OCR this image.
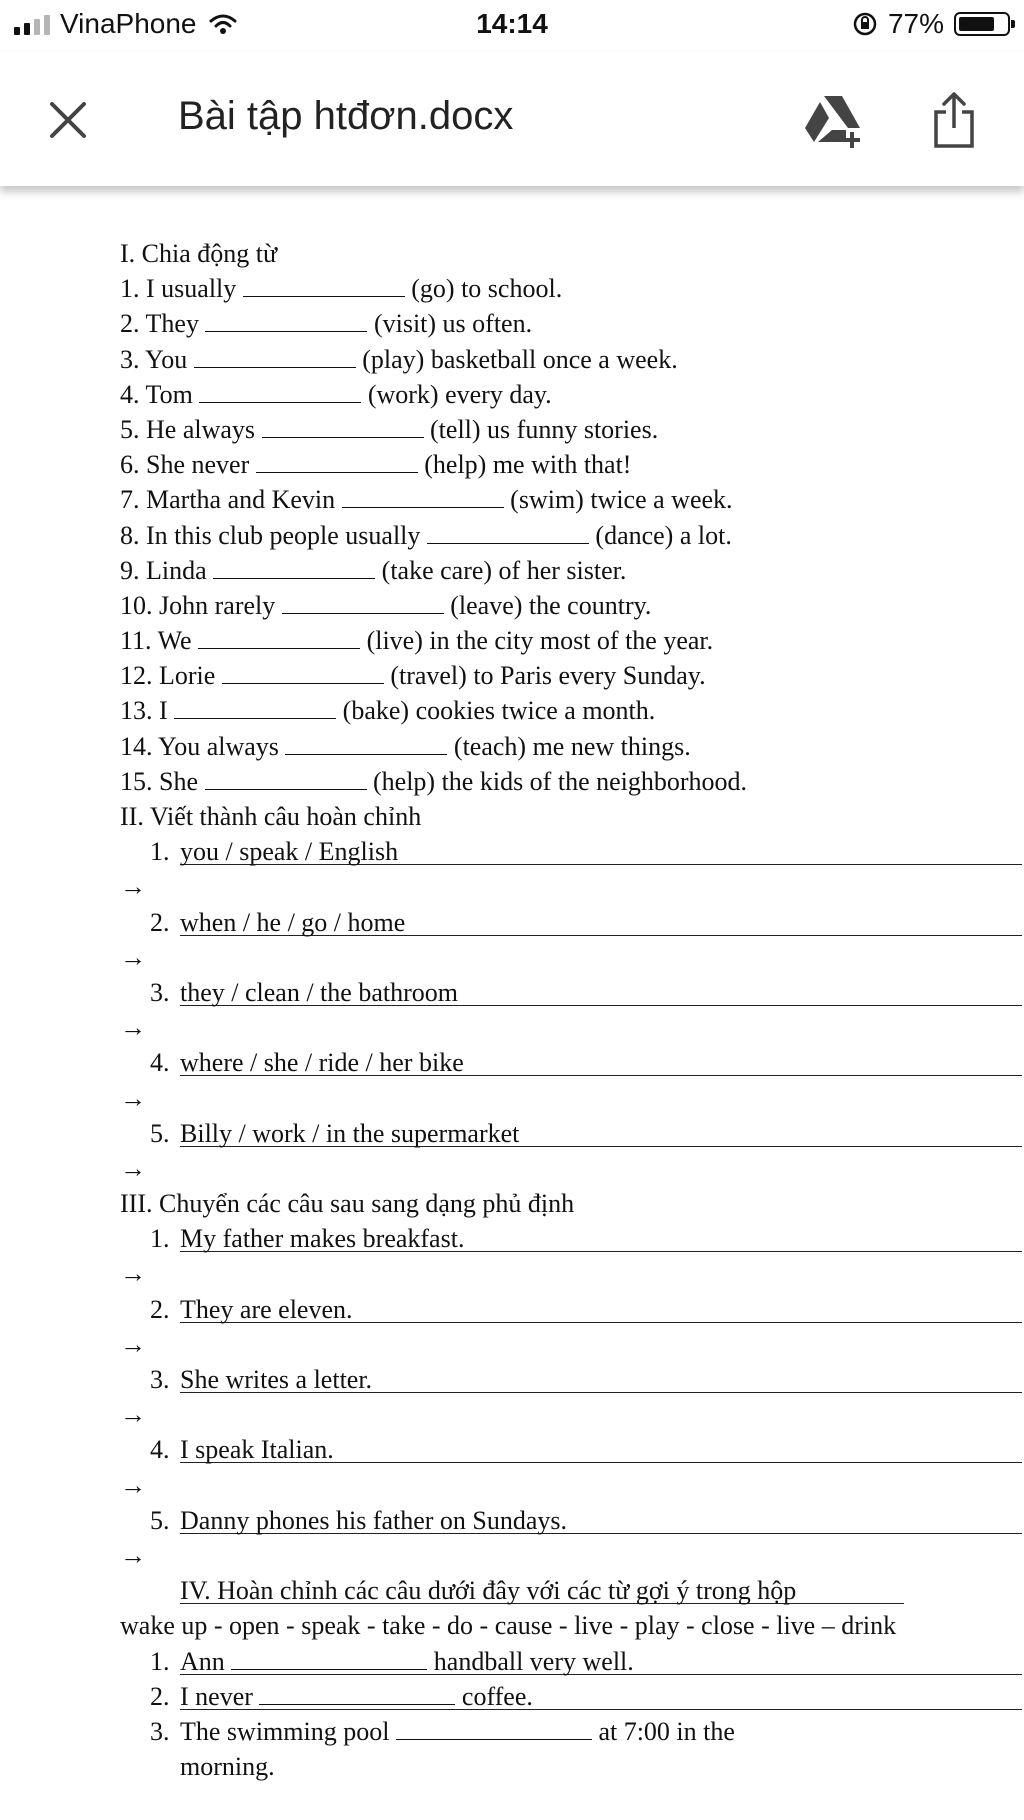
VinaPhone	14:14	77%
Bài tập htđơn.docx
I. Chia động từ
1. I usually	(go) to school.
2. They	(visit) us often.
3. You	(play) basketball once a week.
4. Tom	(work) every day.
5. He always	(tell) us funny stories.
6. She never	(help) me with that!
7. Martha and Kevin	(swim) twice a week.
8. In this club people usually	(dance) a lot.
9. Linda	(take care) of her sister.
10. John rarely	(leave) the country.
11. We	(live) in the city most of the year.
12. Lorie	(travel) to Paris every Sunday.
13. I	(bake) cookies twice a month.
14. You always	(teach) me new things.
15. She	(help) the kids of the neighborhood.
II. Viết thành câu hoàn chỉnh
1. you / speak / English
→
2. when / he / go / home
→
3. they / clean / the bathroom
→
4. where / she / ride / her bike
→
5. Billy / work / in the supermarket
→
III. Chuyển các câu sau sang dạng phủ định
1. My father makes breakfast.
→
2. They are eleven.
→
3. She writes a letter.
→
4. I speak Italian.
→
5. Danny phones his father on Sundays.
→
IV. Hoàn chỉnh các câu dưới đây với các từ gợi ý trong hộp
wake up - open - speak - take - do - cause - live - play - close - live – drink
1. Ann	handball very well.
2. I never	coffee.
3. The swimming pool	at 7:00 in the
morning.
